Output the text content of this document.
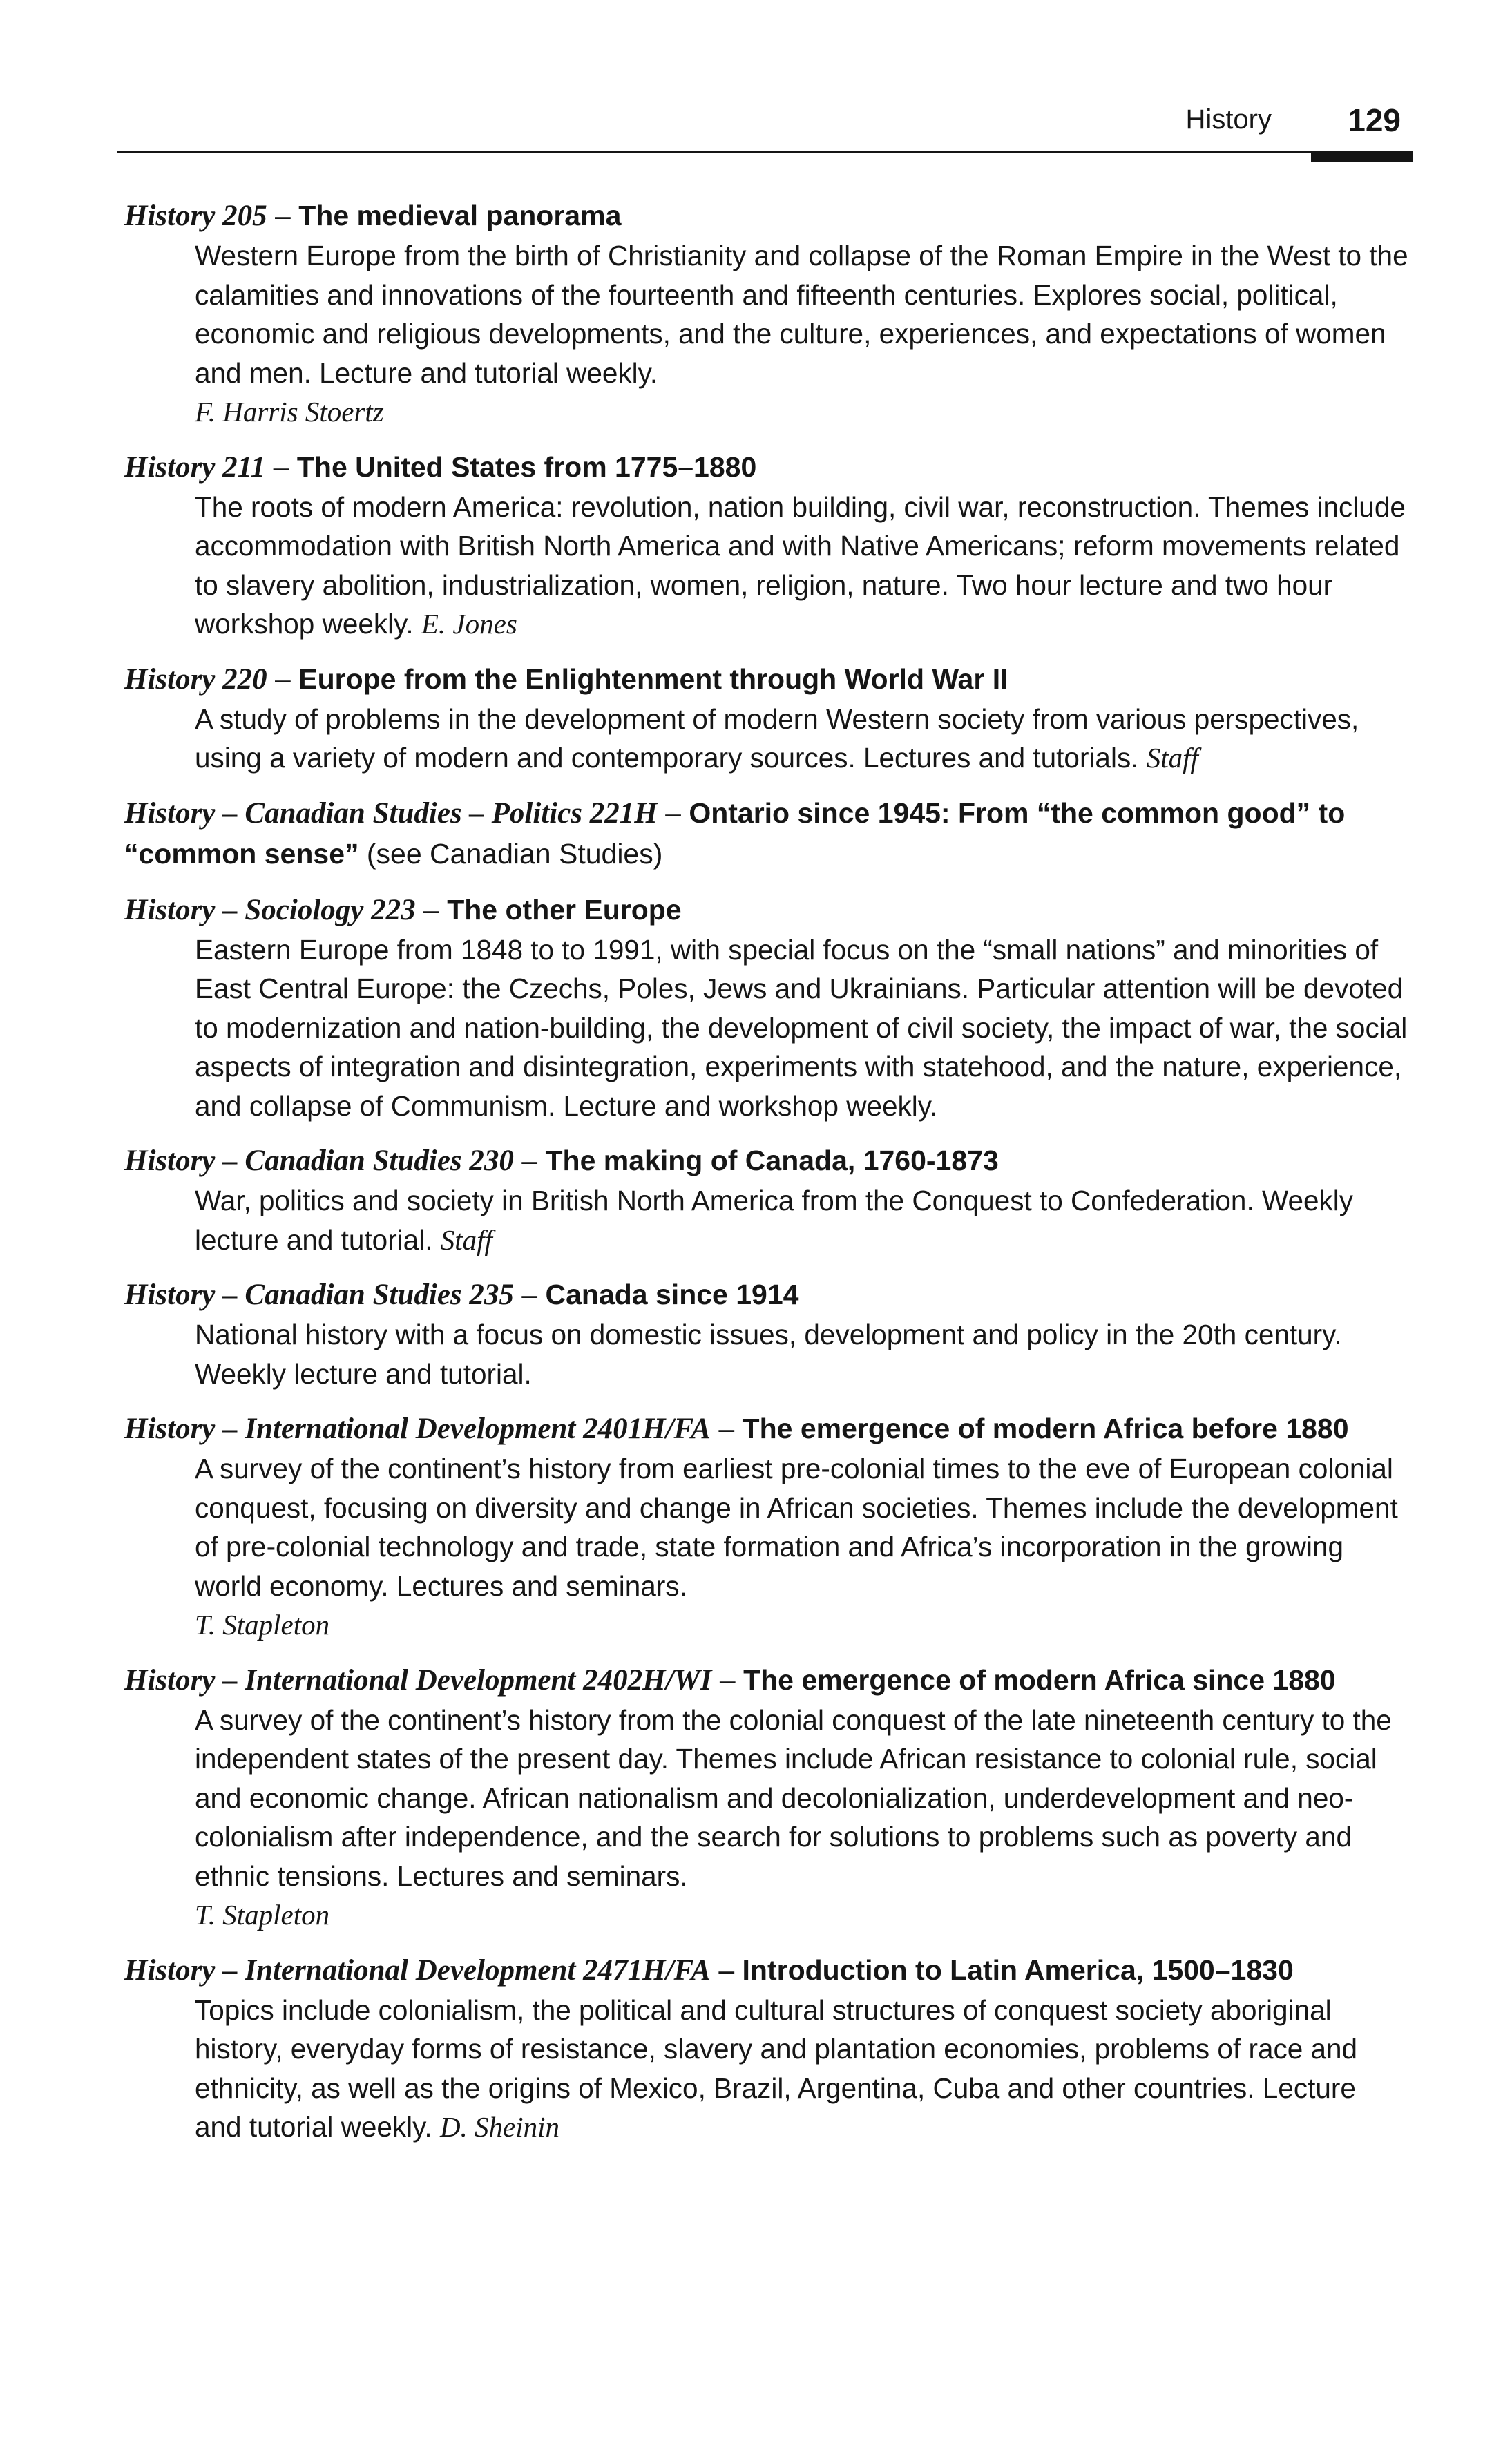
History 129

History 205 – The medieval panorama

Western Europe from the birth of Christianity and collapse of the Roman Empire in the West to the calamities and innovations of the fourteenth and fifteenth centuries. Explores social, political, economic and religious developments, and the culture, experiences, and expectations of women and men. Lecture and tutorial weekly.
F. Harris Stoertz

History 211 – The United States from 1775–1880

The roots of modern America: revolution, nation building, civil war, reconstruction. Themes include accommodation with British North America and with Native Americans; reform movements related to slavery abolition, industrialization, women, religion, nature. Two hour lecture and two hour workshop weekly. E. Jones

History 220 – Europe from the Enlightenment through World War II

A study of problems in the development of modern Western society from various perspectives, using a variety of modern and contemporary sources. Lectures and tutorials. Staff

History – Canadian Studies – Politics 221H – Ontario since 1945: From “the common good” to “common sense” (see Canadian Studies)

History – Sociology 223 – The other Europe

Eastern Europe from 1848 to to 1991, with special focus on the “small nations” and minorities of East Central Europe: the Czechs, Poles, Jews and Ukrainians. Particular attention will be devoted to modernization and nation-building, the development of civil society, the impact of war, the social aspects of integration and disintegration, experiments with statehood, and the nature, experience, and collapse of Communism. Lecture and workshop weekly.

History – Canadian Studies 230 – The making of Canada, 1760-1873

War, politics and society in British North America from the Conquest to Confederation. Weekly lecture and tutorial. Staff

History – Canadian Studies 235 – Canada since 1914

National history with a focus on domestic issues, development and policy in the 20th century. Weekly lecture and tutorial.

History – International Development 2401H/FA – The emergence of modern Africa before 1880

A survey of the continent’s history from earliest pre-colonial times to the eve of European colonial conquest, focusing on diversity and change in African societies. Themes include the development of pre-colonial technology and trade, state formation and Africa’s incorporation in the growing world economy. Lectures and seminars.
T. Stapleton

History – International Development 2402H/WI – The emergence of modern Africa since 1880

A survey of the continent’s history from the colonial conquest of the late nineteenth century to the independent states of the present day. Themes include African resistance to colonial rule, social and economic change. African nationalism and decolonialization, underdevelopment and neo-colonialism after independence, and the search for solutions to problems such as poverty and ethnic tensions. Lectures and seminars.
T. Stapleton

History – International Development 2471H/FA – Introduction to Latin America, 1500–1830

Topics include colonialism, the political and cultural structures of conquest society aboriginal history, everyday forms of resistance, slavery and plantation economies, problems of race and ethnicity, as well as the origins of Mexico, Brazil, Argentina, Cuba and other countries. Lecture and tutorial weekly. D. Sheinin
